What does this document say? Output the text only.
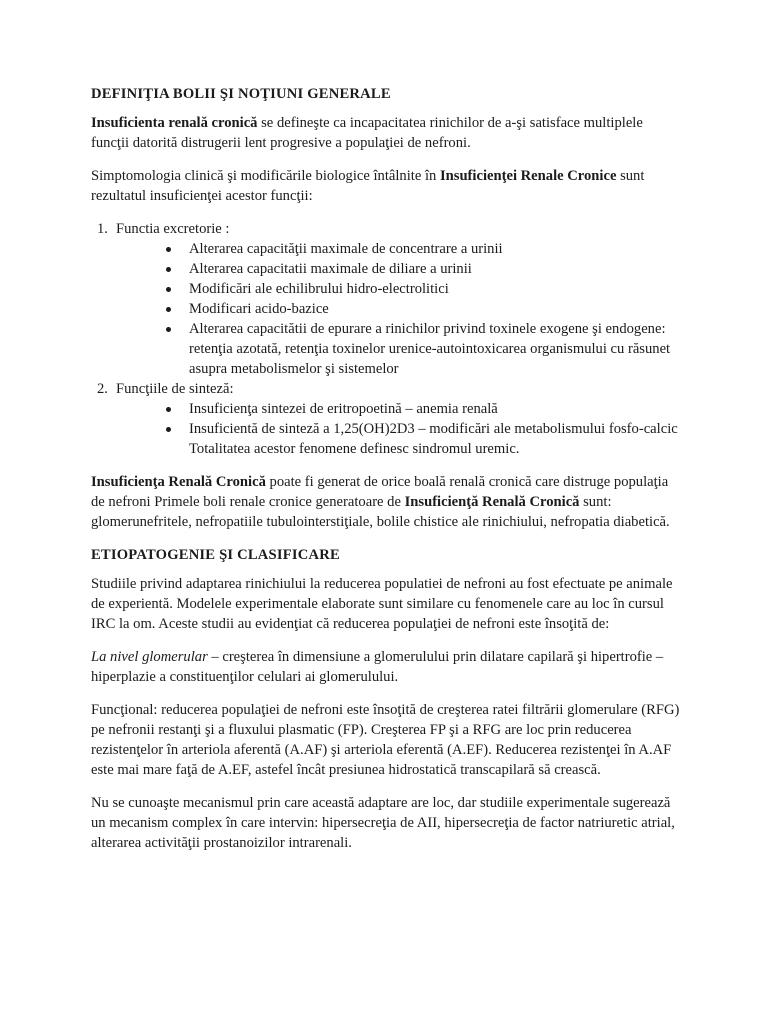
DEFINIŢIA BOLII ŞI NOŢIUNI GENERALE

Insuficienta renală cronică se defineşte ca incapacitatea rinichilor de a-şi satisface multiplele funcţii datorită distrugerii lent progresive a populaţiei de nefroni.

Simptomologia clinică şi modificările biologice întâlnite în Insuficienţei Renale Cronice sunt rezultatul insuficienţei acestor funcţii:

1. Functia excretorie :
Alterarea capacităţii maximale de concentrare a urinii
Alterarea capacitatii maximale de diliare a urinii
Modificări ale echilibrului hidro-electrolitici
Modificari acido-bazice
Alterarea capacitătii de epurare a rinichilor privind toxinele exogene şi endogene: retenţia azotată, retenţia toxinelor urenice-autointoxicarea organismului cu răsunet asupra metabolismelor şi sistemelor
2. Funcţiile de sinteză:
Insuficienţa sintezei de eritropoetină – anemia renală
Insuficientă de sinteză a 1,25(OH)2D3 – modificări ale metabolismului fosfo-calcic Totalitatea acestor fenomene definesc sindromul uremic.

Insuficienţa Renală Cronică poate fi generat de orice boală renală cronică care distruge populaţia de nefroni Primele boli renale cronice generatoare de Insuficienţă Renală Cronică sunt: glomerunefritele, nefropatiile tubulointerstiţiale, bolile chistice ale rinichiului, nefropatia diabetică.

ETIOPATOGENIE ŞI CLASIFICARE

Studiile privind adaptarea rinichiului la reducerea populatiei de nefroni au fost efectuate pe animale de experientă. Modelele experimentale elaborate sunt similare cu fenomenele care au loc în cursul IRC la om. Aceste studii au evidenţiat că reducerea populaţiei de nefroni este însoţită de:

La nivel glomerular – creşterea în dimensiune a glomerulului prin dilatare capilară şi hipertrofie – hiperplazie a constituenţilor celulari ai glomerulului.

Funcţional: reducerea populaţiei de nefroni este însoţită de creşterea ratei filtrării glomerulare (RFG) pe nefronii restanţi şi a fluxului plasmatic (FP). Creşterea FP şi a RFG are loc prin reducerea rezistenţelor în arteriola aferentă (A.AF) şi arteriola eferentă (A.EF). Reducerea rezistenţei în A.AF este mai mare faţă de A.EF, astefel încât presiunea hidrostatică transcapilară să crească.

Nu se cunoaşte mecanismul prin care această adaptare are loc, dar studiile experimentale sugerează un mecanism complex în care intervin: hipersecreţia de AII, hipersecreţia de factor natriuretic atrial, alterarea activităţii prostanoizilor intrarenali.
